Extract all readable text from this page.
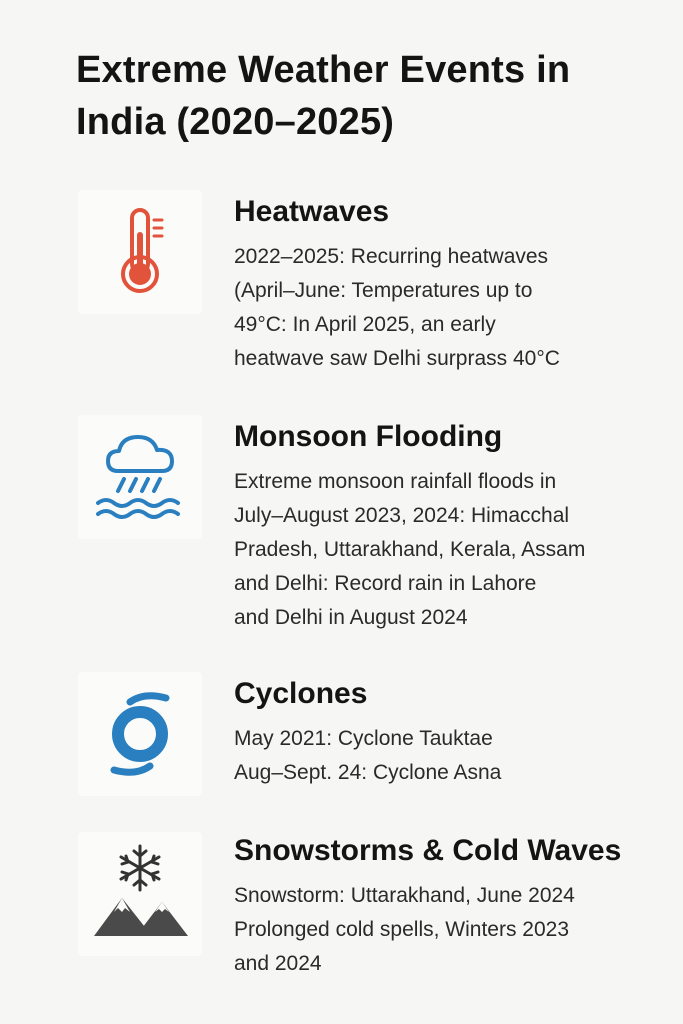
Extreme Weather Events in India (2020–2025)
Heatwaves

2022–2025: Recurring heatwaves
(April–June: Temperatures up to
49°C: In April 2025, an early
heatwave saw Delhi surprass 40°C

Monsoon Flooding

Extreme monsoon rainfall floods in
July–August 2023, 2024: Himacchal
Pradesh, Uttarakhand, Kerala, Assam
and Delhi: Record rain in Lahore
and Delhi in August 2024

Cyclones

May 2021: Cyclone Tauktae
Aug–Sept. 24: Cyclone Asna

Snowstorms & Cold Waves

Snowstorm: Uttarakhand, June 2024
Prolonged cold spells, Winters 2023
and 2024
